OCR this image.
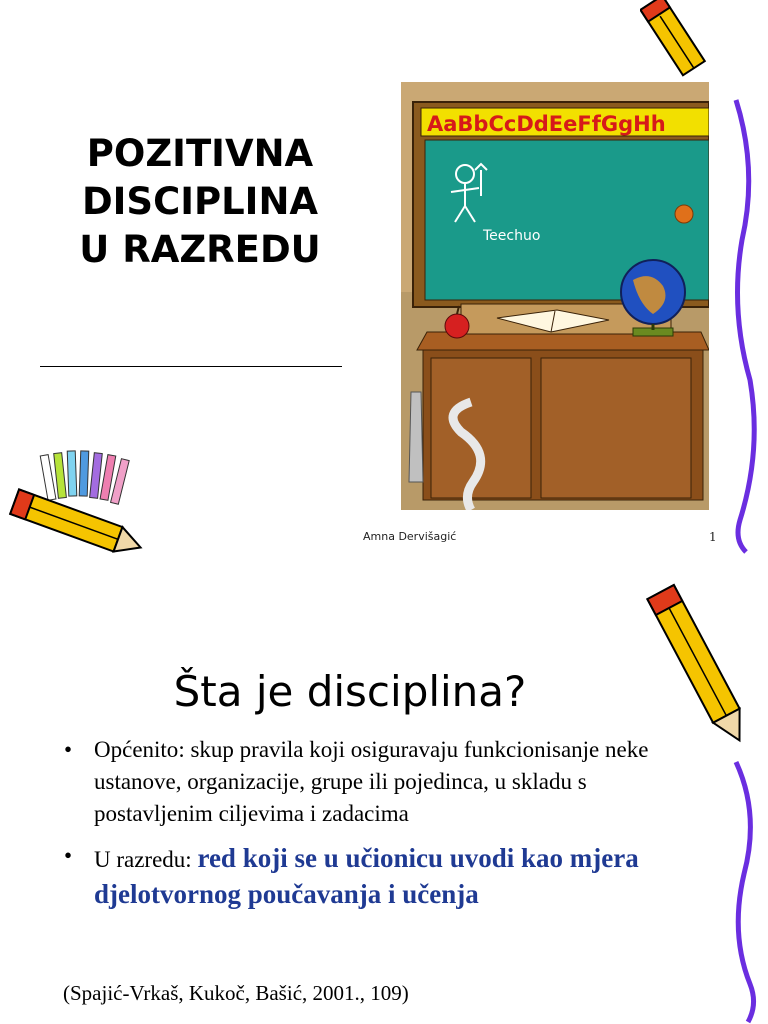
POZITIVNA
DISCIPLINA
U RAZREDU
AaBbCcDdEeFfGgHh
Teechuo
Amna Dervišagić	1
Šta je disciplina?
• Općenito: skup pravila koji osiguravaju funkcionisanje neke ustanove, organizacije, grupe ili pojedinca, u skladu s postavljenim ciljevima i zadacima
• U razredu: red koji se u učionicu uvodi kao mjera djelotvornog poučavanja i učenja
(Spajić-Vrkaš, Kukoč, Bašić, 2001., 109)
